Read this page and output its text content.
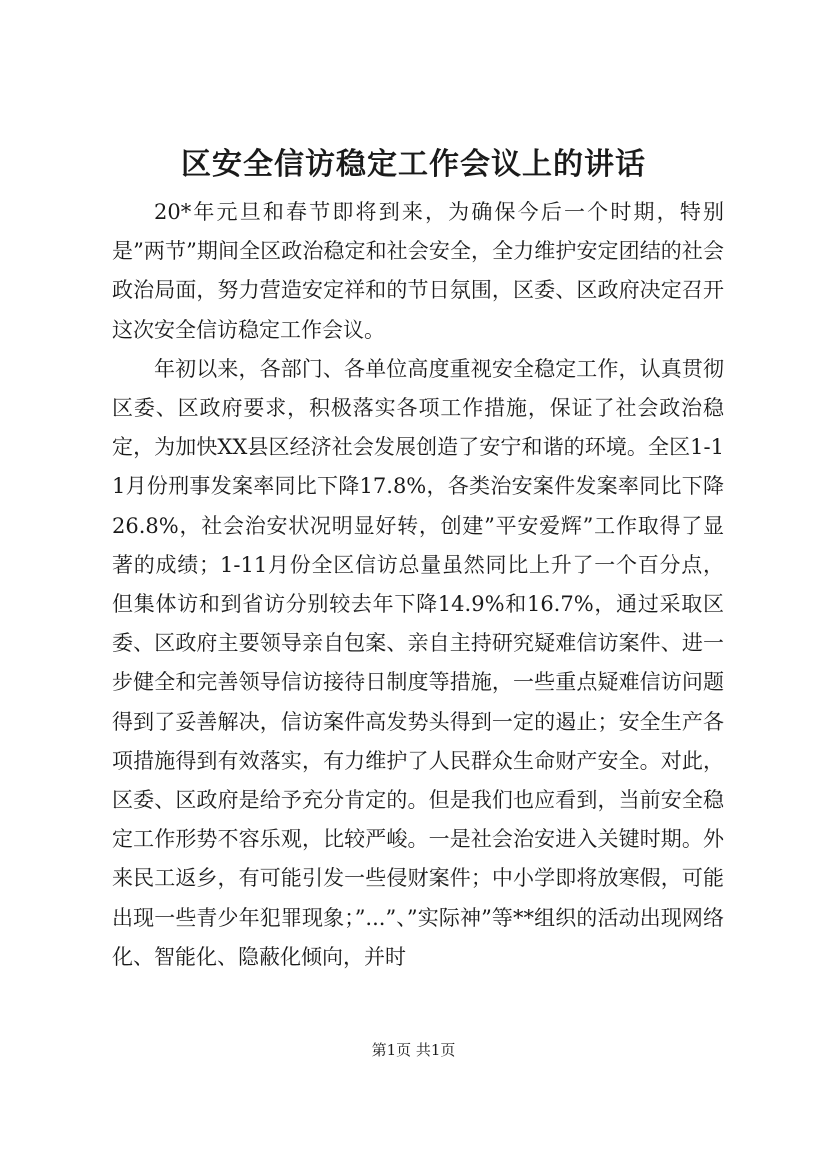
区安全信访稳定工作会议上的讲话

20*年元旦和春节即将到来，为确保今后一个时期，特别是”两节”期间全区政治稳定和社会安全，全力维护安定团结的社会政治局面，努力营造安定祥和的节日氛围，区委、区政府决定召开这次安全信访稳定工作会议。

年初以来，各部门、各单位高度重视安全稳定工作，认真贯彻区委、区政府要求，积极落实各项工作措施，保证了社会政治稳定，为加快XX县区经济社会发展创造了安宁和谐的环境。全区1-11月份刑事发案率同比下降17.8%，各类治安案件发案率同比下降26.8%，社会治安状况明显好转，创建”平安爱辉”工作取得了显著的成绩；1-11月份全区信访总量虽然同比上升了一个百分点，但集体访和到省访分别较去年下降14.9%和16.7%，通过采取区委、区政府主要领导亲自包案、亲自主持研究疑难信访案件、进一步健全和完善领导信访接待日制度等措施，一些重点疑难信访问题得到了妥善解决，信访案件高发势头得到一定的遏止；安全生产各项措施得到有效落实，有力维护了人民群众生命财产安全。对此，区委、区政府是给予充分肯定的。但是我们也应看到，当前安全稳定工作形势不容乐观，比较严峻。一是社会治安进入关键时期。外来民工返乡，有可能引发一些侵财案件；中小学即将放寒假，可能出现一些青少年犯罪现象；”...”、”实际神”等**组织的活动出现网络化、智能化、隐蔽化倾向，并时

第1页 共1页
